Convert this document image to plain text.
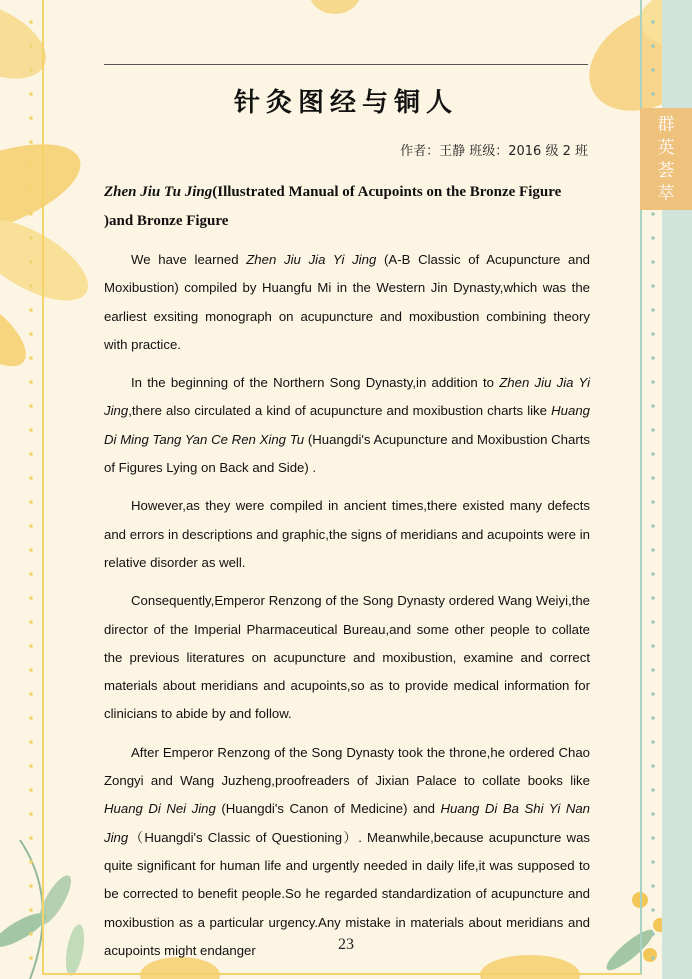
针灸图经与铜人
作者：王静 班级：2016 级 2 班
群英荟萃
Zhen Jiu Tu Jing(Illustrated Manual of Acupoints on the Bronze Figure )and Bronze Figure

We have learned Zhen Jiu Jia Yi Jing (A-B Classic of Acupuncture and Moxibustion) compiled by Huangfu Mi in the Western Jin Dynasty,which was the earliest exsiting monograph on acupuncture and moxibustion combining theory with practice.

In the beginning of the Northern Song Dynasty,in addition to Zhen Jiu Jia Yi Jing,there also circulated a kind of acupuncture and moxibustion charts like Huang Di Ming Tang Yan Ce Ren Xing Tu (Huangdi's Acupuncture and Moxibustion Charts of Figures Lying on Back and Side) .

However,as they were compiled in ancient times,there existed many defects and errors in descriptions and graphic,the signs of meridians and acupoints were in relative disorder as well.

Consequently,Emperor Renzong of the Song Dynasty ordered Wang Weiyi,the director of the Imperial Pharmaceutical Bureau,and some other people to collate the previous literatures on acupuncture and moxibustion, examine and correct materials about meridians and acupoints,so as to provide medical information for clinicians to abide by and follow.

After Emperor Renzong of the Song Dynasty took the throne,he ordered Chao Zongyi and Wang Juzheng,proofreaders of Jixian Palace to collate books like Huang Di Nei Jing (Huangdi's Canon of Medicine) and Huang Di Ba Shi Yi Nan Jing（Huangdi's Classic of Questioning）. Meanwhile,because acupuncture was quite significant for human life and urgently needed in daily life,it was supposed to be corrected to benefit people.So he regarded standardization of acupuncture and moxibustion as a particular urgency.Any mistake in materials about meridians and acupoints might endanger	23
